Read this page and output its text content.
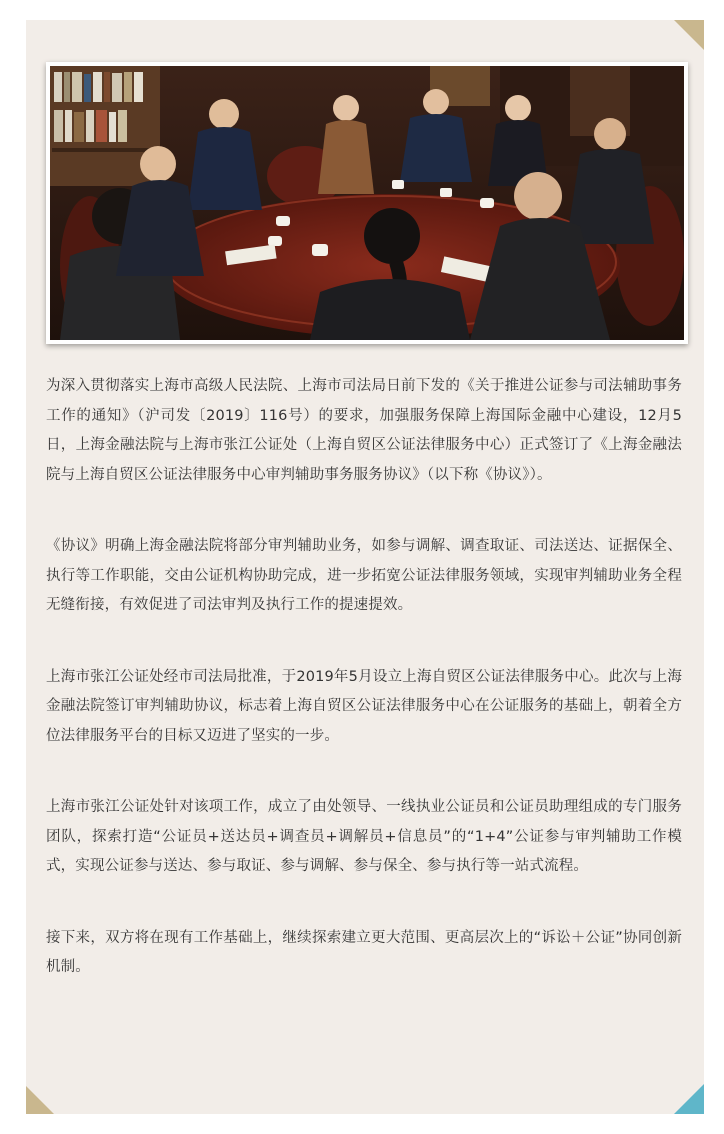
为深入贯彻落实上海市高级人民法院、上海市司法局日前下发的《关于推进公证参与司法辅助事务工作的通知》（沪司发〔2019〕116号）的要求，加强服务保障上海国际金融中心建设，12月5日，上海金融法院与上海市张江公证处（上海自贸区公证法律服务中心）正式签订了《上海金融法院与上海自贸区公证法律服务中心审判辅助事务服务协议》（以下称《协议》）。

《协议》明确上海金融法院将部分审判辅助业务，如参与调解、调查取证、司法送达、证据保全、执行等工作职能，交由公证机构协助完成，进一步拓宽公证法律服务领域，实现审判辅助业务全程无缝衔接，有效促进了司法审判及执行工作的提速提效。

上海市张江公证处经市司法局批准，于2019年5月设立上海自贸区公证法律服务中心。此次与上海金融法院签订审判辅助协议，标志着上海自贸区公证法律服务中心在公证服务的基础上，朝着全方位法律服务平台的目标又迈进了坚实的一步。

上海市张江公证处针对该项工作，成立了由处领导、一线执业公证员和公证员助理组成的专门服务团队，探索打造“公证员+送达员+调查员+调解员+信息员”的“1+4”公证参与审判辅助工作模式，实现公证参与送达、参与取证、参与调解、参与保全、参与执行等一站式流程。

接下来，双方将在现有工作基础上，继续探索建立更大范围、更高层次上的“诉讼＋公证”协同创新机制。
